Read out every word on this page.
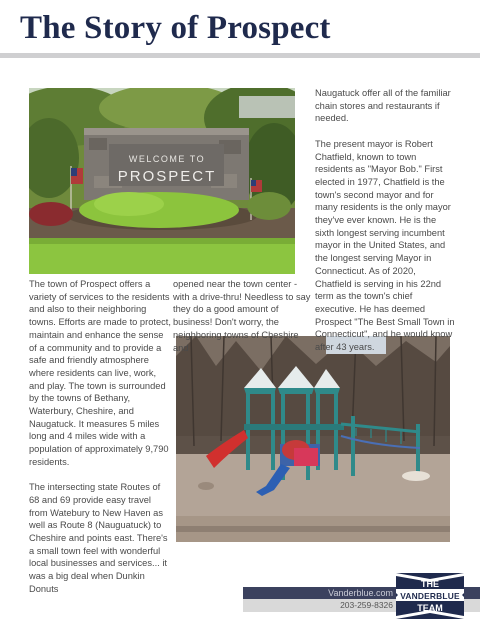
The Story of Prospect
WELCOME TO
PROSPECT

The town of Prospect offers a variety of services to the residents and also to their neighboring towns. Efforts are made to protect, maintain and enhance the sense of a community and to provide a safe and friendly atmosphere where residents can live, work, and play. The town is surrounded by the towns of Bethany, Waterbury, Cheshire, and Naugatuck. It measures 5 miles long and 4 miles wide with a population of approximately 9,790 residents.

The intersecting state Routes of 68 and 69 provide easy travel from Watebury to New Haven as well as Route 8 (Nauguatuck) to Cheshire and points east. There's a small town feel with wonderful local businesses and services... it was a big deal when Dunkin Donuts

opened near the town center - with a drive-thru! Needless to say they do a good amount of business! Don't worry, the neighboring towns of Cheshire and

Naugatuck offer all of the familiar chain stores and restaurants if needed.

The present mayor is Robert Chatfield, known to town residents as "Mayor Bob." First elected in 1977, Chatfield is the town's second mayor and for many residents is the only mayor they've ever known. He is the sixth longest serving incumbent mayor in the United States, and the longest serving Mayor in Connecticut. As of 2020, Chatfield is serving in his 22nd term as the town's chief executive. He has deemed Prospect "The Best Small Town in Connecticut", and he would know after 43 years.

Vanderblue.com
203-259-8326
THE
VANDERBLUE
TEAM
